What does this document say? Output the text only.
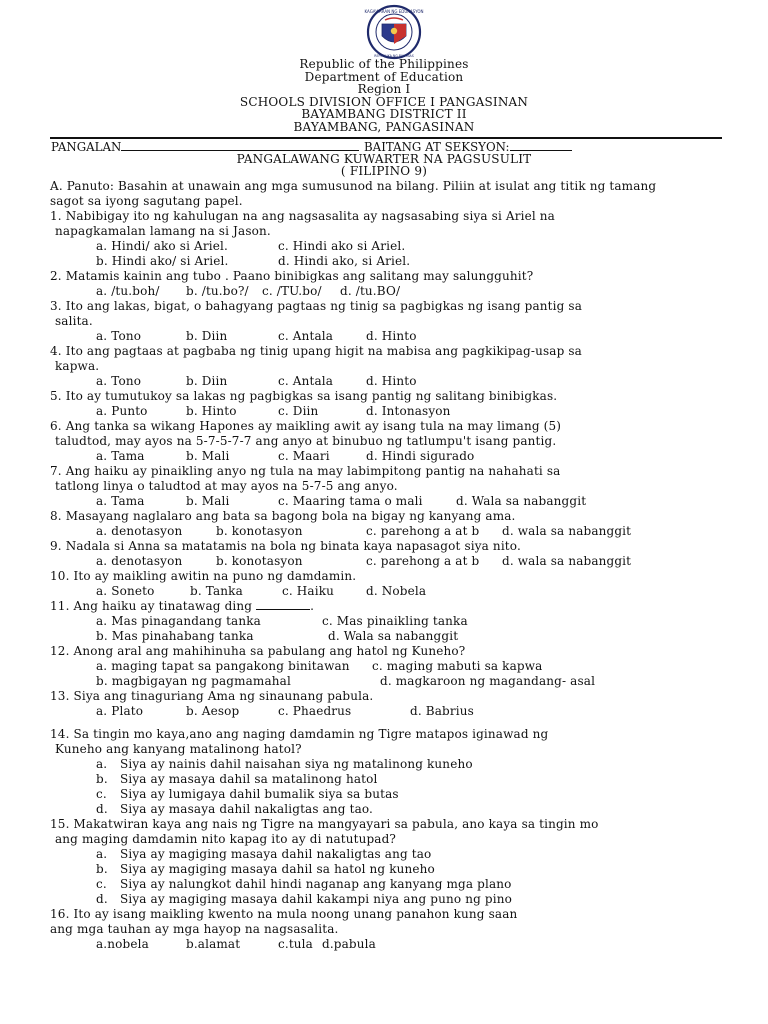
KAGAWARAN NG EDUKASYON
REPUBLIKA NG PILIPINAS
Republic of the Philippines
Department of Education
Region I
SCHOOLS DIVISION OFFICE I PANGASINAN
BAYAMBANG DISTRICT II
BAYAMBANG, PANGASINAN
PANGALAN	BAITANG AT SEKSYON:
PANGALAWANG KUWARTER NA PAGSUSULIT
( FILIPINO 9)
A. Panuto: Basahin at unawain ang mga sumusunod na bilang. Piliin at isulat ang titik ng tamang
sagot sa iyong sagutang papel.
1. Nabibigay ito ng kahulugan na ang nagsasalita ay nagsasabing siya si Ariel na
napagkamalan lamang na si Jason.
a. Hindi/ ako si Ariel.	c. Hindi ako si Ariel.
b. Hindi ako/ si Ariel.	d. Hindi ako, si Ariel.
2. Matamis kainin ang tubo . Paano binibigkas ang salitang may salungguhit?
a. /tu.boh/ b. /tu.bo?/ c. /TU.bo/ d. /tu.BO/
3. Ito ang lakas, bigat, o bahagyang pagtaas ng tinig sa pagbigkas ng isang pantig sa
salita.
a. Tono	b. Diin	c. Antala	d. Hinto
4. Ito ang pagtaas at pagbaba ng tinig upang higit na mabisa ang pagkikipag-usap sa
kapwa.
a. Tono	b. Diin	c. Antala	d. Hinto
5. Ito ay tumutukoy sa lakas ng pagbigkas sa isang pantig ng salitang binibigkas.
a. Punto	b. Hinto	c. Diin	d. Intonasyon
6. Ang tanka sa wikang Hapones ay maikling awit ay isang tula na may limang (5)
taludtod, may ayos na 5-7-5-7-7 ang anyo at binubuo ng tatlumpu't isang pantig.
a. Tama	b. Mali	c. Maari	d. Hindi sigurado
7. Ang haiku ay pinaikling anyo ng tula na may labimpitong pantig na nahahati sa
tatlong linya o taludtod at may ayos na 5-7-5 ang anyo.
a. Tama	b. Mali	c. Maaring tama o mali	d. Wala sa nabanggit
8. Masayang naglalaro ang bata sa bagong bola na bigay ng kanyang ama.
a. denotasyon	b. konotasyon	c. parehong a at b d. wala sa nabanggit
9. Nadala si Anna sa matatamis na bola ng binata kaya napasagot siya nito.
a. denotasyon	b. konotasyon	c. parehong a at b d. wala sa nabanggit
10. Ito ay maikling awitin na puno ng damdamin.
a. Soneto	b. Tanka	c. Haiku	d. Nobela
11. Ang haiku ay tinatawag ding	.
a. Mas pinagandang tanka	c. Mas pinaikling tanka
b. Mas pinahabang tanka	d. Wala sa nabanggit
12. Anong aral ang mahihinuha sa pabulang ang hatol ng Kuneho?
a. maging tapat sa pangakong binitawan c. maging mabuti sa kapwa
b. magbigayan ng pagmamahal	d. magkaroon ng magandang- asal
13. Siya ang tinaguriang Ama ng sinaunang pabula.
a. Plato	b. Aesop	c. Phaedrus	d. Babrius
14. Sa tingin mo kaya,ano ang naging damdamin ng Tigre matapos iginawad ng
Kuneho ang kanyang matalinong hatol?
a. Siya ay nainis dahil naisahan siya ng matalinong kuneho
b. Siya ay masaya dahil sa matalinong hatol
c. Siya ay lumigaya dahil bumalik siya sa butas
d. Siya ay masaya dahil nakaligtas ang tao.
15. Makatwiran kaya ang nais ng Tigre na mangyayari sa pabula, ano kaya sa tingin mo
ang maging damdamin nito kapag ito ay di natutupad?
a. Siya ay magiging masaya dahil nakaligtas ang tao
b. Siya ay magiging masaya dahil sa hatol ng kuneho
c. Siya ay nalungkot dahil hindi naganap ang kanyang mga plano
d. Siya ay magiging masaya dahil kakampi niya ang puno ng pino
16. Ito ay isang maikling kwento na mula noong unang panahon kung saan
ang mga tauhan ay mga hayop na nagsasalita.
a.nobela	b.alamat	c.tula d.pabula
